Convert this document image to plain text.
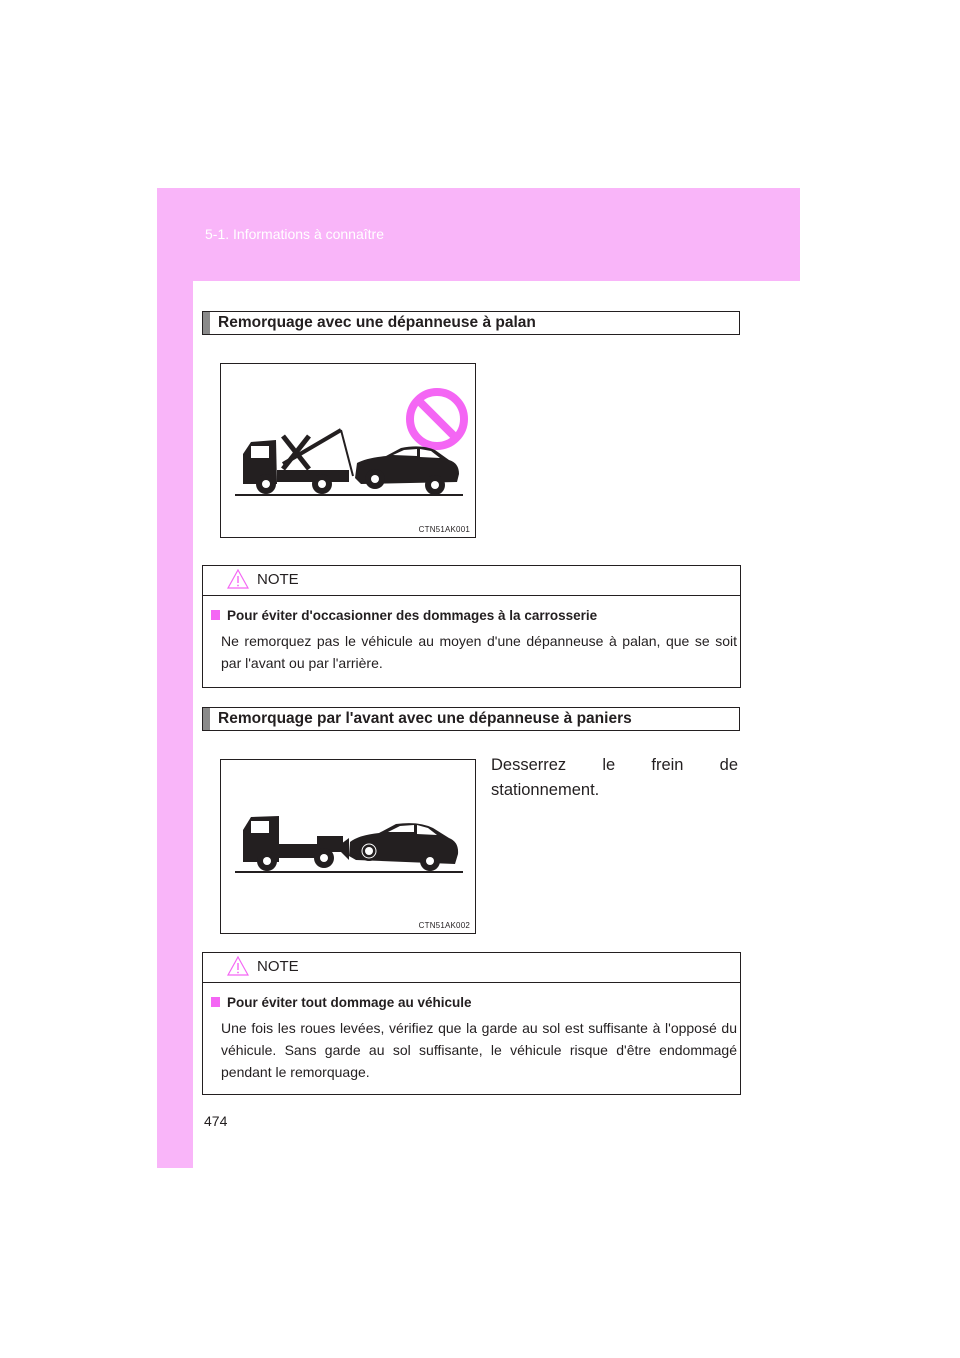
5-1. Informations à connaître
Remorquage avec une dépanneuse à palan
CTN51AK001
NOTE
Pour éviter d'occasionner des dommages à la carrosserie
Ne remorquez pas le véhicule au moyen d'une dépanneuse à palan, que se soit par l'avant ou par l'arrière.
Remorquage par l'avant avec une dépanneuse à paniers
Desserrez le frein de stationnement.
CTN51AK002
NOTE
Pour éviter tout dommage au véhicule
Une fois les roues levées, vérifiez que la garde au sol est suffisante à l'opposé du véhicule. Sans garde au sol suffisante, le véhicule risque d'être endommagé pendant le remorquage.
474
